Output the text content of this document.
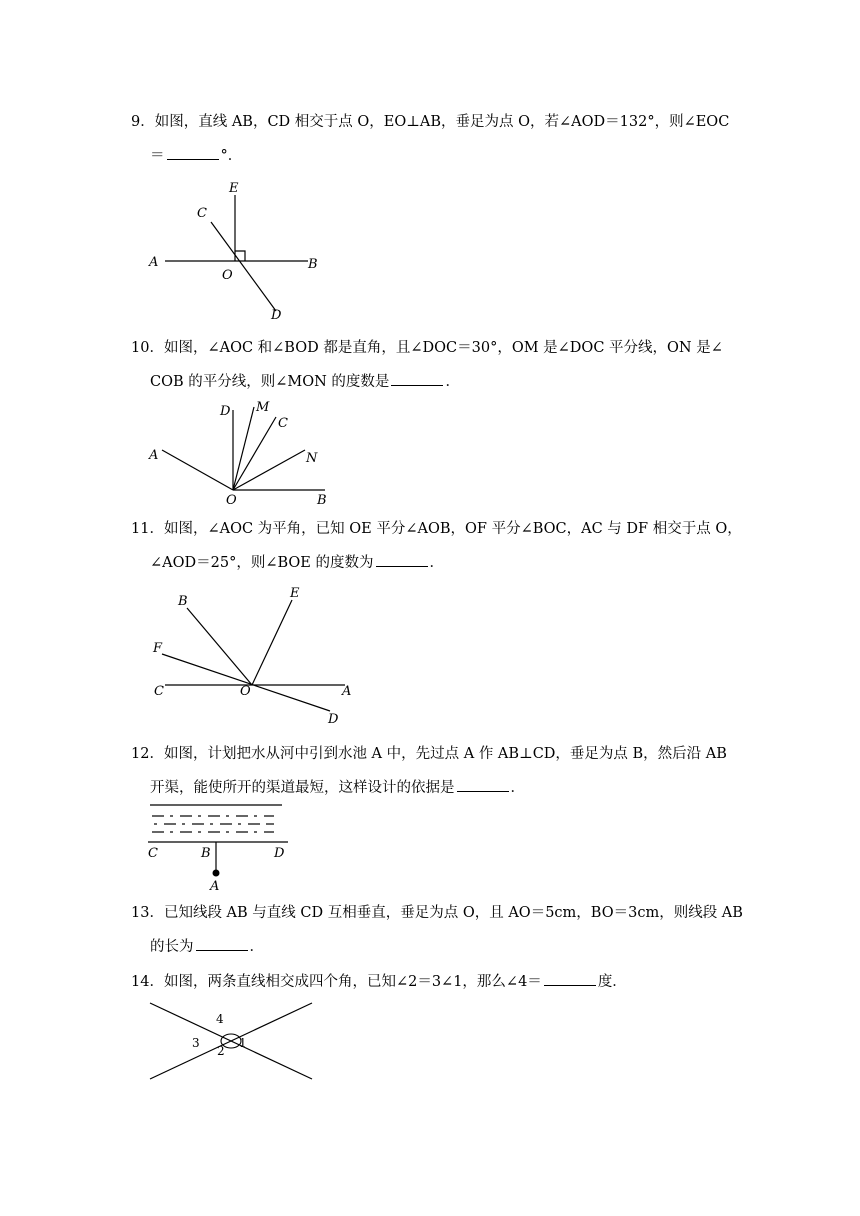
9．如图，直线 AB，CD 相交于点 O，EO⊥AB，垂足为点 O，若∠AOD＝132°，则∠EOC
＝	°．
E
C
A
O
B
D
10．如图，∠AOC 和∠BOD 都是直角，且∠DOC＝30°，OM 是∠DOC 平分线，ON 是∠
COB 的平分线，则∠MON 的度数是	．
D M
C
A	N
O	B
11．如图，∠AOC 为平角，已知 OE 平分∠AOB，OF 平分∠BOC，AC 与 DF 相交于点 O，
∠AOD＝25°，则∠BOE 的度数为	．
B
E
F
C	O	A
D
12．如图，计划把水从河中引到水池 A 中，先过点 A 作 AB⊥CD，垂足为点 B，然后沿 AB
开渠，能使所开的渠道最短，这样设计的依据是	．
C	B	D
A
13．已知线段 AB 与直线 CD 互相垂直，垂足为点 O，且 AO＝5cm，BO＝3cm，则线段 AB
的长为	．
14．如图，两条直线相交成四个角，已知∠2＝3∠1，那么∠4＝	度．
4
3	1
2
